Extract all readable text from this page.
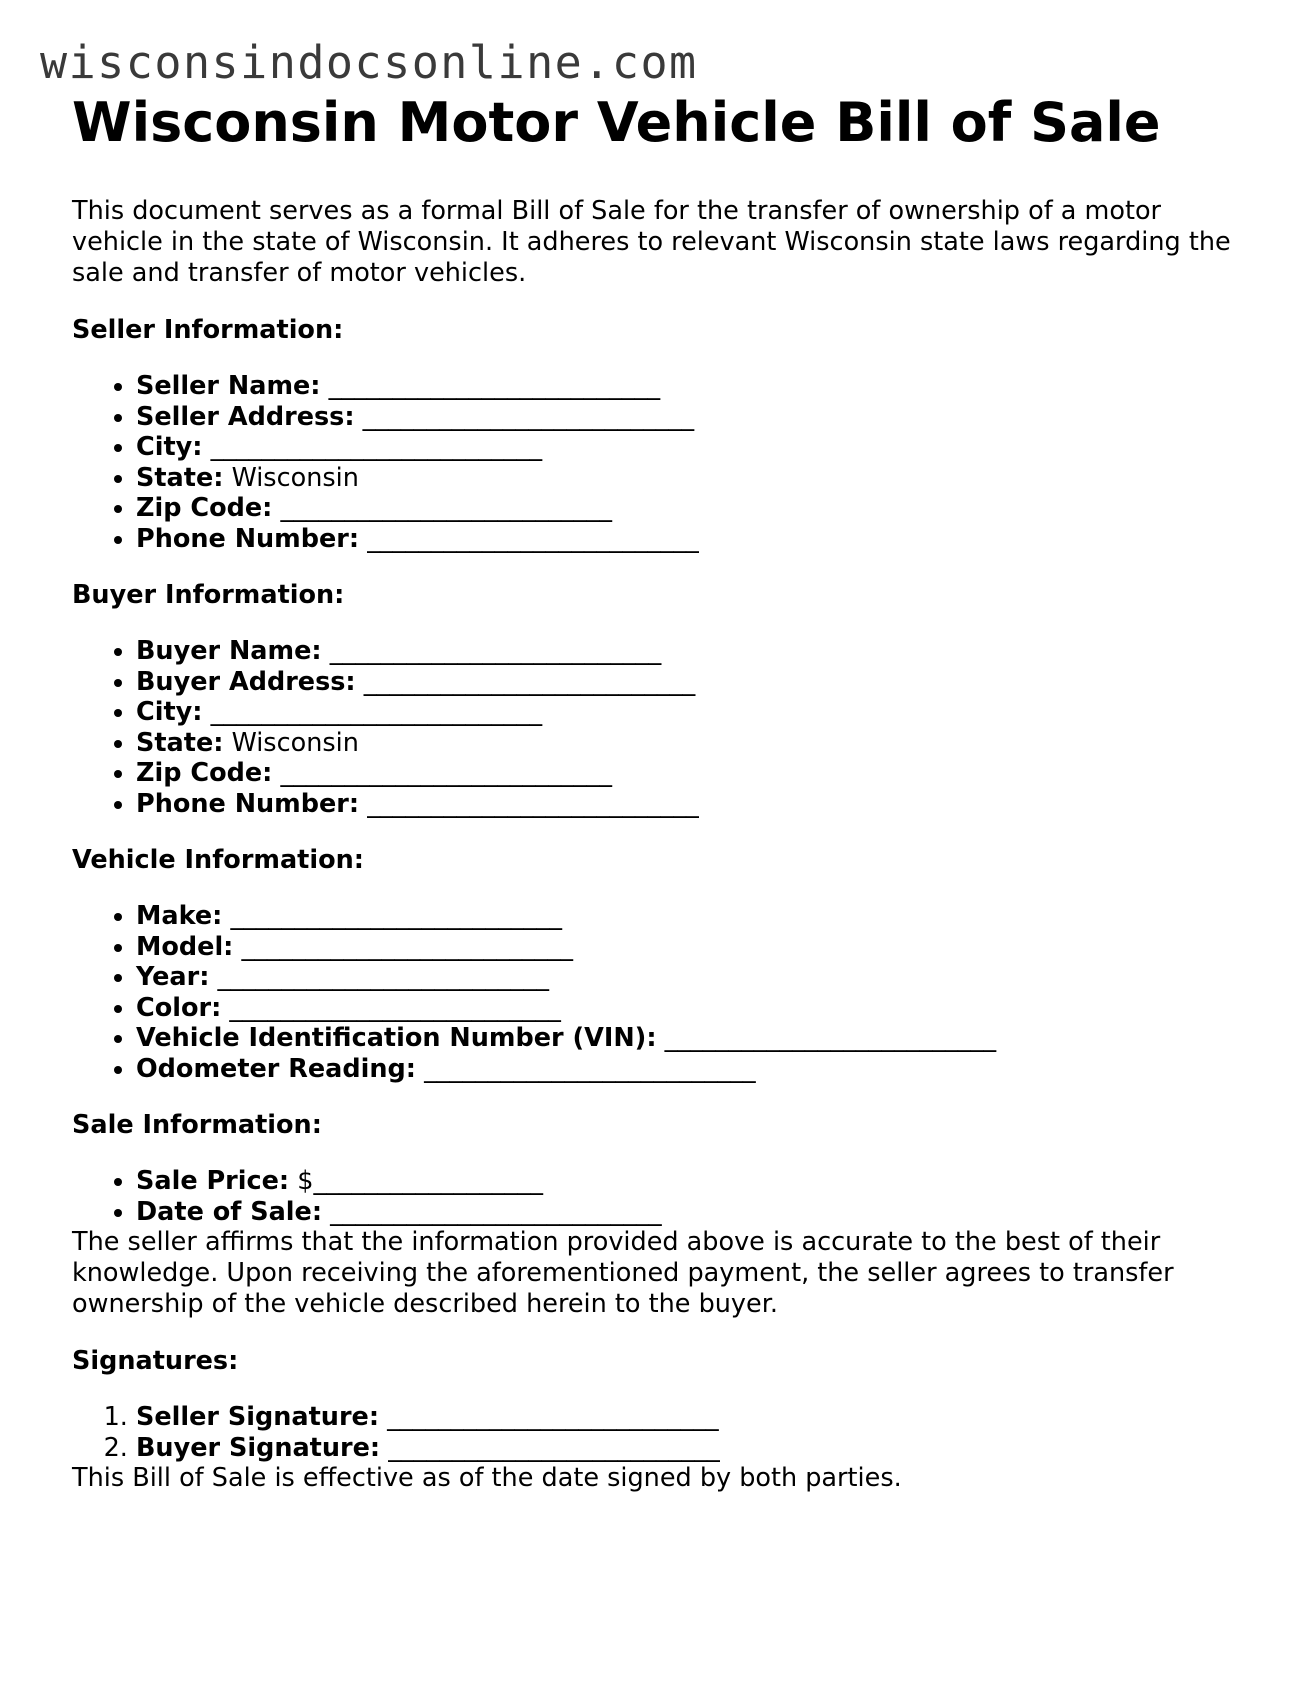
wisconsindocsonline.com
Wisconsin Motor Vehicle Bill of Sale

This document serves as a formal Bill of Sale for the transfer of ownership of a motor vehicle in the state of Wisconsin. It adheres to relevant Wisconsin state laws regarding the sale and transfer of motor vehicles.

Seller Information:
• Seller Name: __________________________
• Seller Address: __________________________
• City: __________________________
• State: Wisconsin
• Zip Code: __________________________
• Phone Number: __________________________
Buyer Information:
• Buyer Name: __________________________
• Buyer Address: __________________________
• City: __________________________
• State: Wisconsin
• Zip Code: __________________________
• Phone Number: __________________________
Vehicle Information:
• Make: __________________________
• Model: __________________________
• Year: __________________________
• Color: __________________________
• Vehicle Identification Number (VIN): __________________________
• Odometer Reading: __________________________
Sale Information:
• Sale Price: $__________________
• Date of Sale: __________________________

The seller affirms that the information provided above is accurate to the best of their knowledge. Upon receiving the aforementioned payment, the seller agrees to transfer ownership of the vehicle described herein to the buyer.

Signatures:
1. Seller Signature: __________________________
2. Buyer Signature: __________________________

This Bill of Sale is effective as of the date signed by both parties.
